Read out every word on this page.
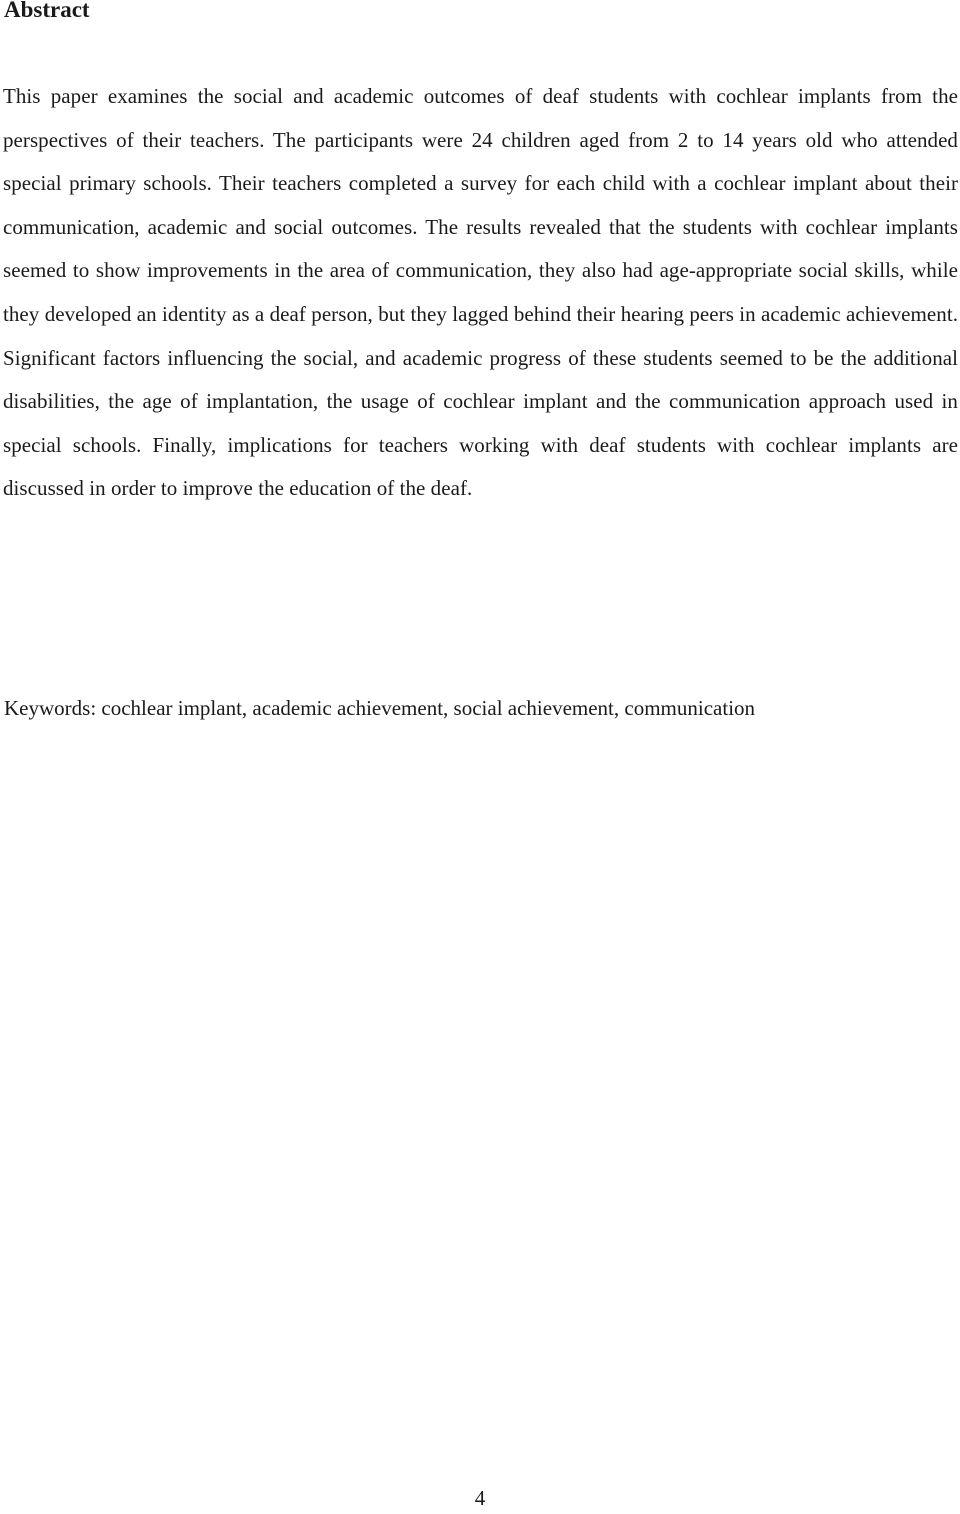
Abstract

This paper examines the social and academic outcomes of deaf students with cochlear implants from the perspectives of their teachers. The participants were 24 children aged from 2 to 14 years old who attended special primary schools. Their teachers completed a survey for each child with a cochlear implant about their communication, academic and social outcomes. The results revealed that the students with cochlear implants seemed to show improvements in the area of communication, they also had age-appropriate social skills, while they developed an identity as a deaf person, but they lagged behind their hearing peers in academic achievement. Significant factors influencing the social, and academic progress of these students seemed to be the additional disabilities, the age of implantation, the usage of cochlear implant and the communication approach used in special schools. Finally, implications for teachers working with deaf students with cochlear implants are discussed in order to improve the education of the deaf.

Keywords: cochlear implant, academic achievement, social achievement, communication

4
